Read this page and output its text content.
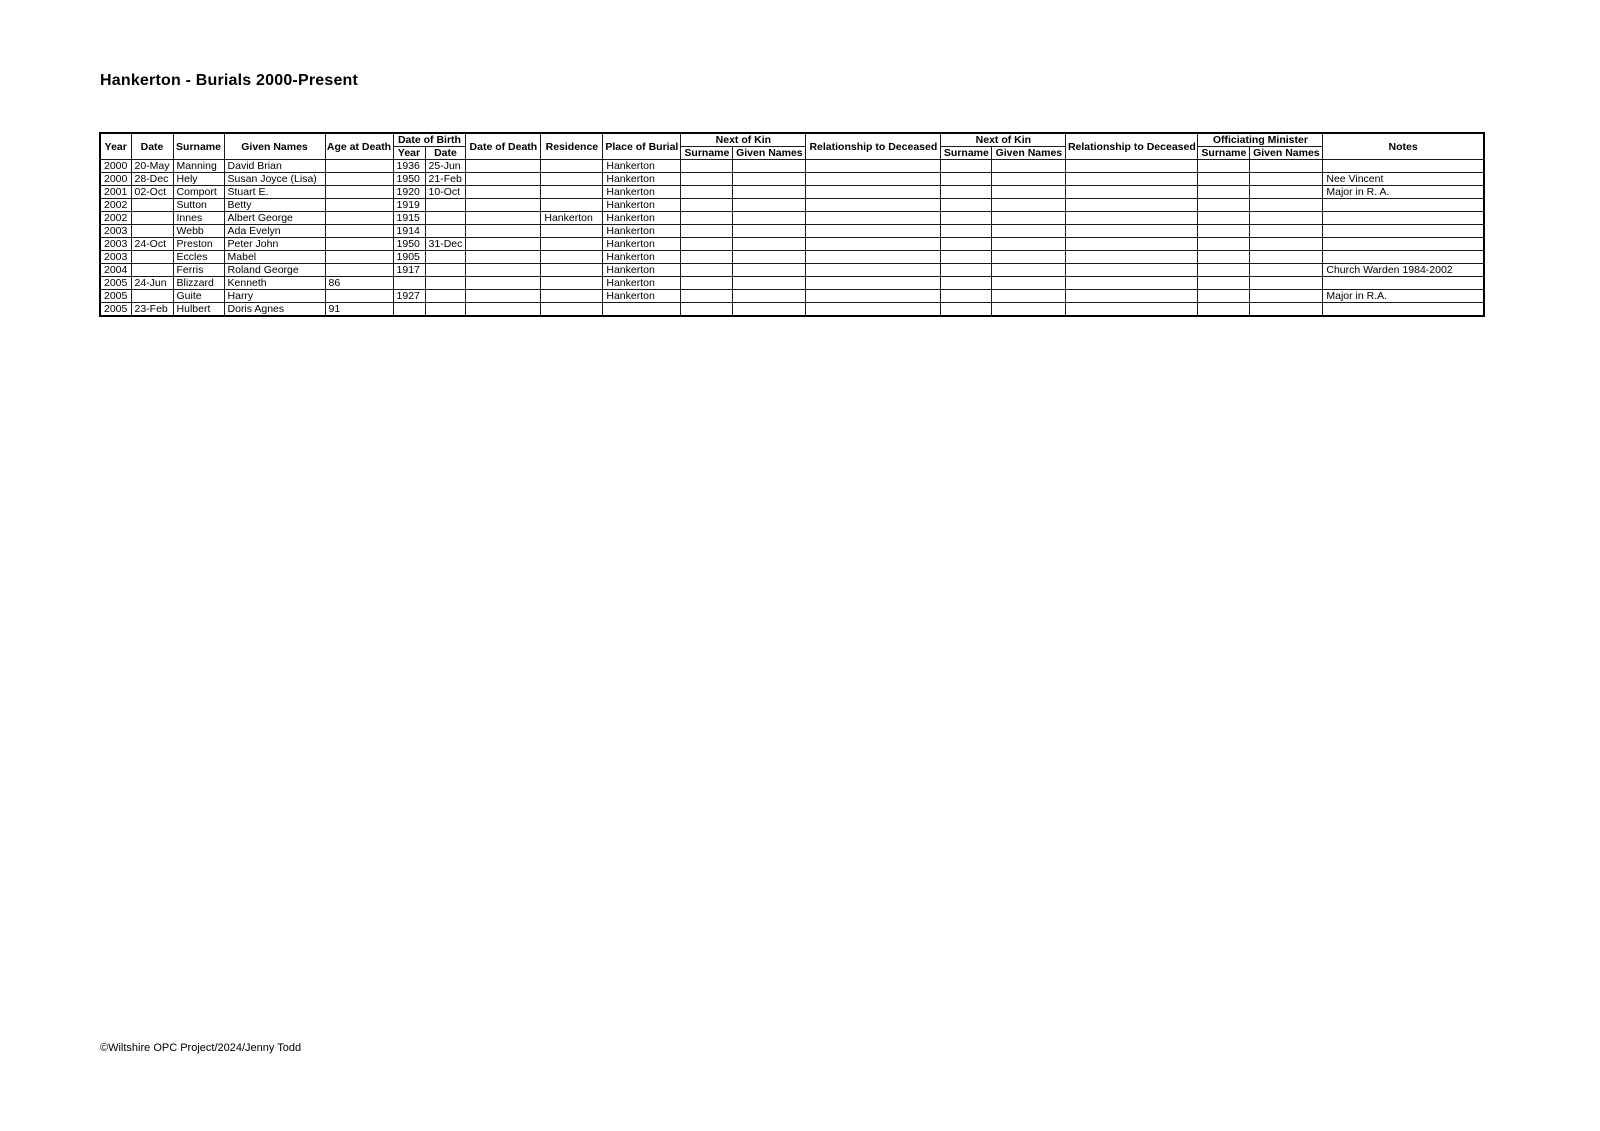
Hankerton - Burials 2000-Present
Year	Date	Surname	Given Names	Age at Death	Date of Birth		Date of Death	Residence	Place of Burial	Next of Kin		Relationship to Deceased	Next of Kin		Relationship to Deceased	Officiating Minister		Notes
					Year	Date				Surname	Given Names		Surname	Given Names		Surname	Given Names	
2000	20-May	Manning	David Brian		1936	25-Jun			Hankerton									
2000	28-Dec	Hely	Susan Joyce (Lisa)		1950	21-Feb			Hankerton									Nee Vincent
2001	02-Oct	Comport	Stuart E.		1920	10-Oct			Hankerton									Major in R. A.
2002		Sutton	Betty		1919				Hankerton									
2002		Innes	Albert George		1915			Hankerton	Hankerton									
2003		Webb	Ada Evelyn		1914				Hankerton									
2003	24-Oct	Preston	Peter John		1950	31-Dec			Hankerton									
2003		Eccles	Mabel		1905				Hankerton									
2004		Ferris	Roland George		1917				Hankerton									Church Warden 1984-2002
2005	24-Jun	Blizzard	Kenneth	86					Hankerton									
2005		Guite	Harry		1927				Hankerton									Major in R.A.
2005	23-Feb	Hulbert	Doris Agnes	91														
©Wiltshire OPC Project/2024/Jenny Todd
